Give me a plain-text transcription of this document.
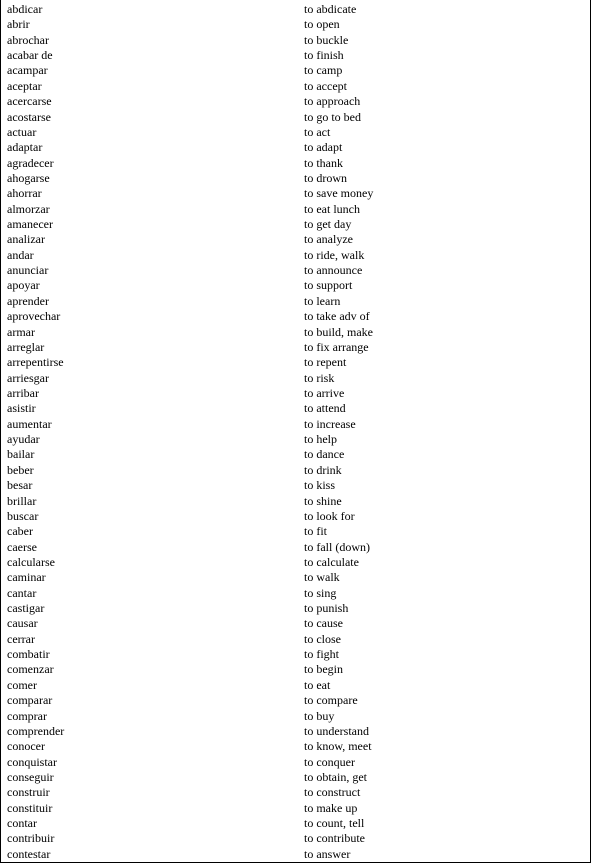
abdicar	to abdicate
abrir	to open
abrochar	to buckle
acabar de	to finish
acampar	to camp
aceptar	to accept
acercarse	to approach
acostarse	to go to bed
actuar	to act
adaptar	to adapt
agradecer	to thank
ahogarse	to drown
ahorrar	to save money
almorzar	to eat lunch
amanecer	to get day
analizar	to analyze
andar	to ride, walk
anunciar	to announce
apoyar	to support
aprender	to learn
aprovechar	to take adv of
armar	to build, make
arreglar	to fix arrange
arrepentirse	to repent
arriesgar	to risk
arribar	to arrive
asistir	to attend
aumentar	to increase
ayudar	to help
bailar	to dance
beber	to drink
besar	to kiss
brillar	to shine
buscar	to look for
caber	to fit
caerse	to fall (down)
calcularse	to calculate
caminar	to walk
cantar	to sing
castigar	to punish
causar	to cause
cerrar	to close
combatir	to fight
comenzar	to begin
comer	to eat
comparar	to compare
comprar	to buy
comprender	to understand
conocer	to know, meet
conquistar	to conquer
conseguir	to obtain, get
construir	to construct
constituir	to make up
contar	to count, tell
contribuir	to contribute
contestar	to answer
